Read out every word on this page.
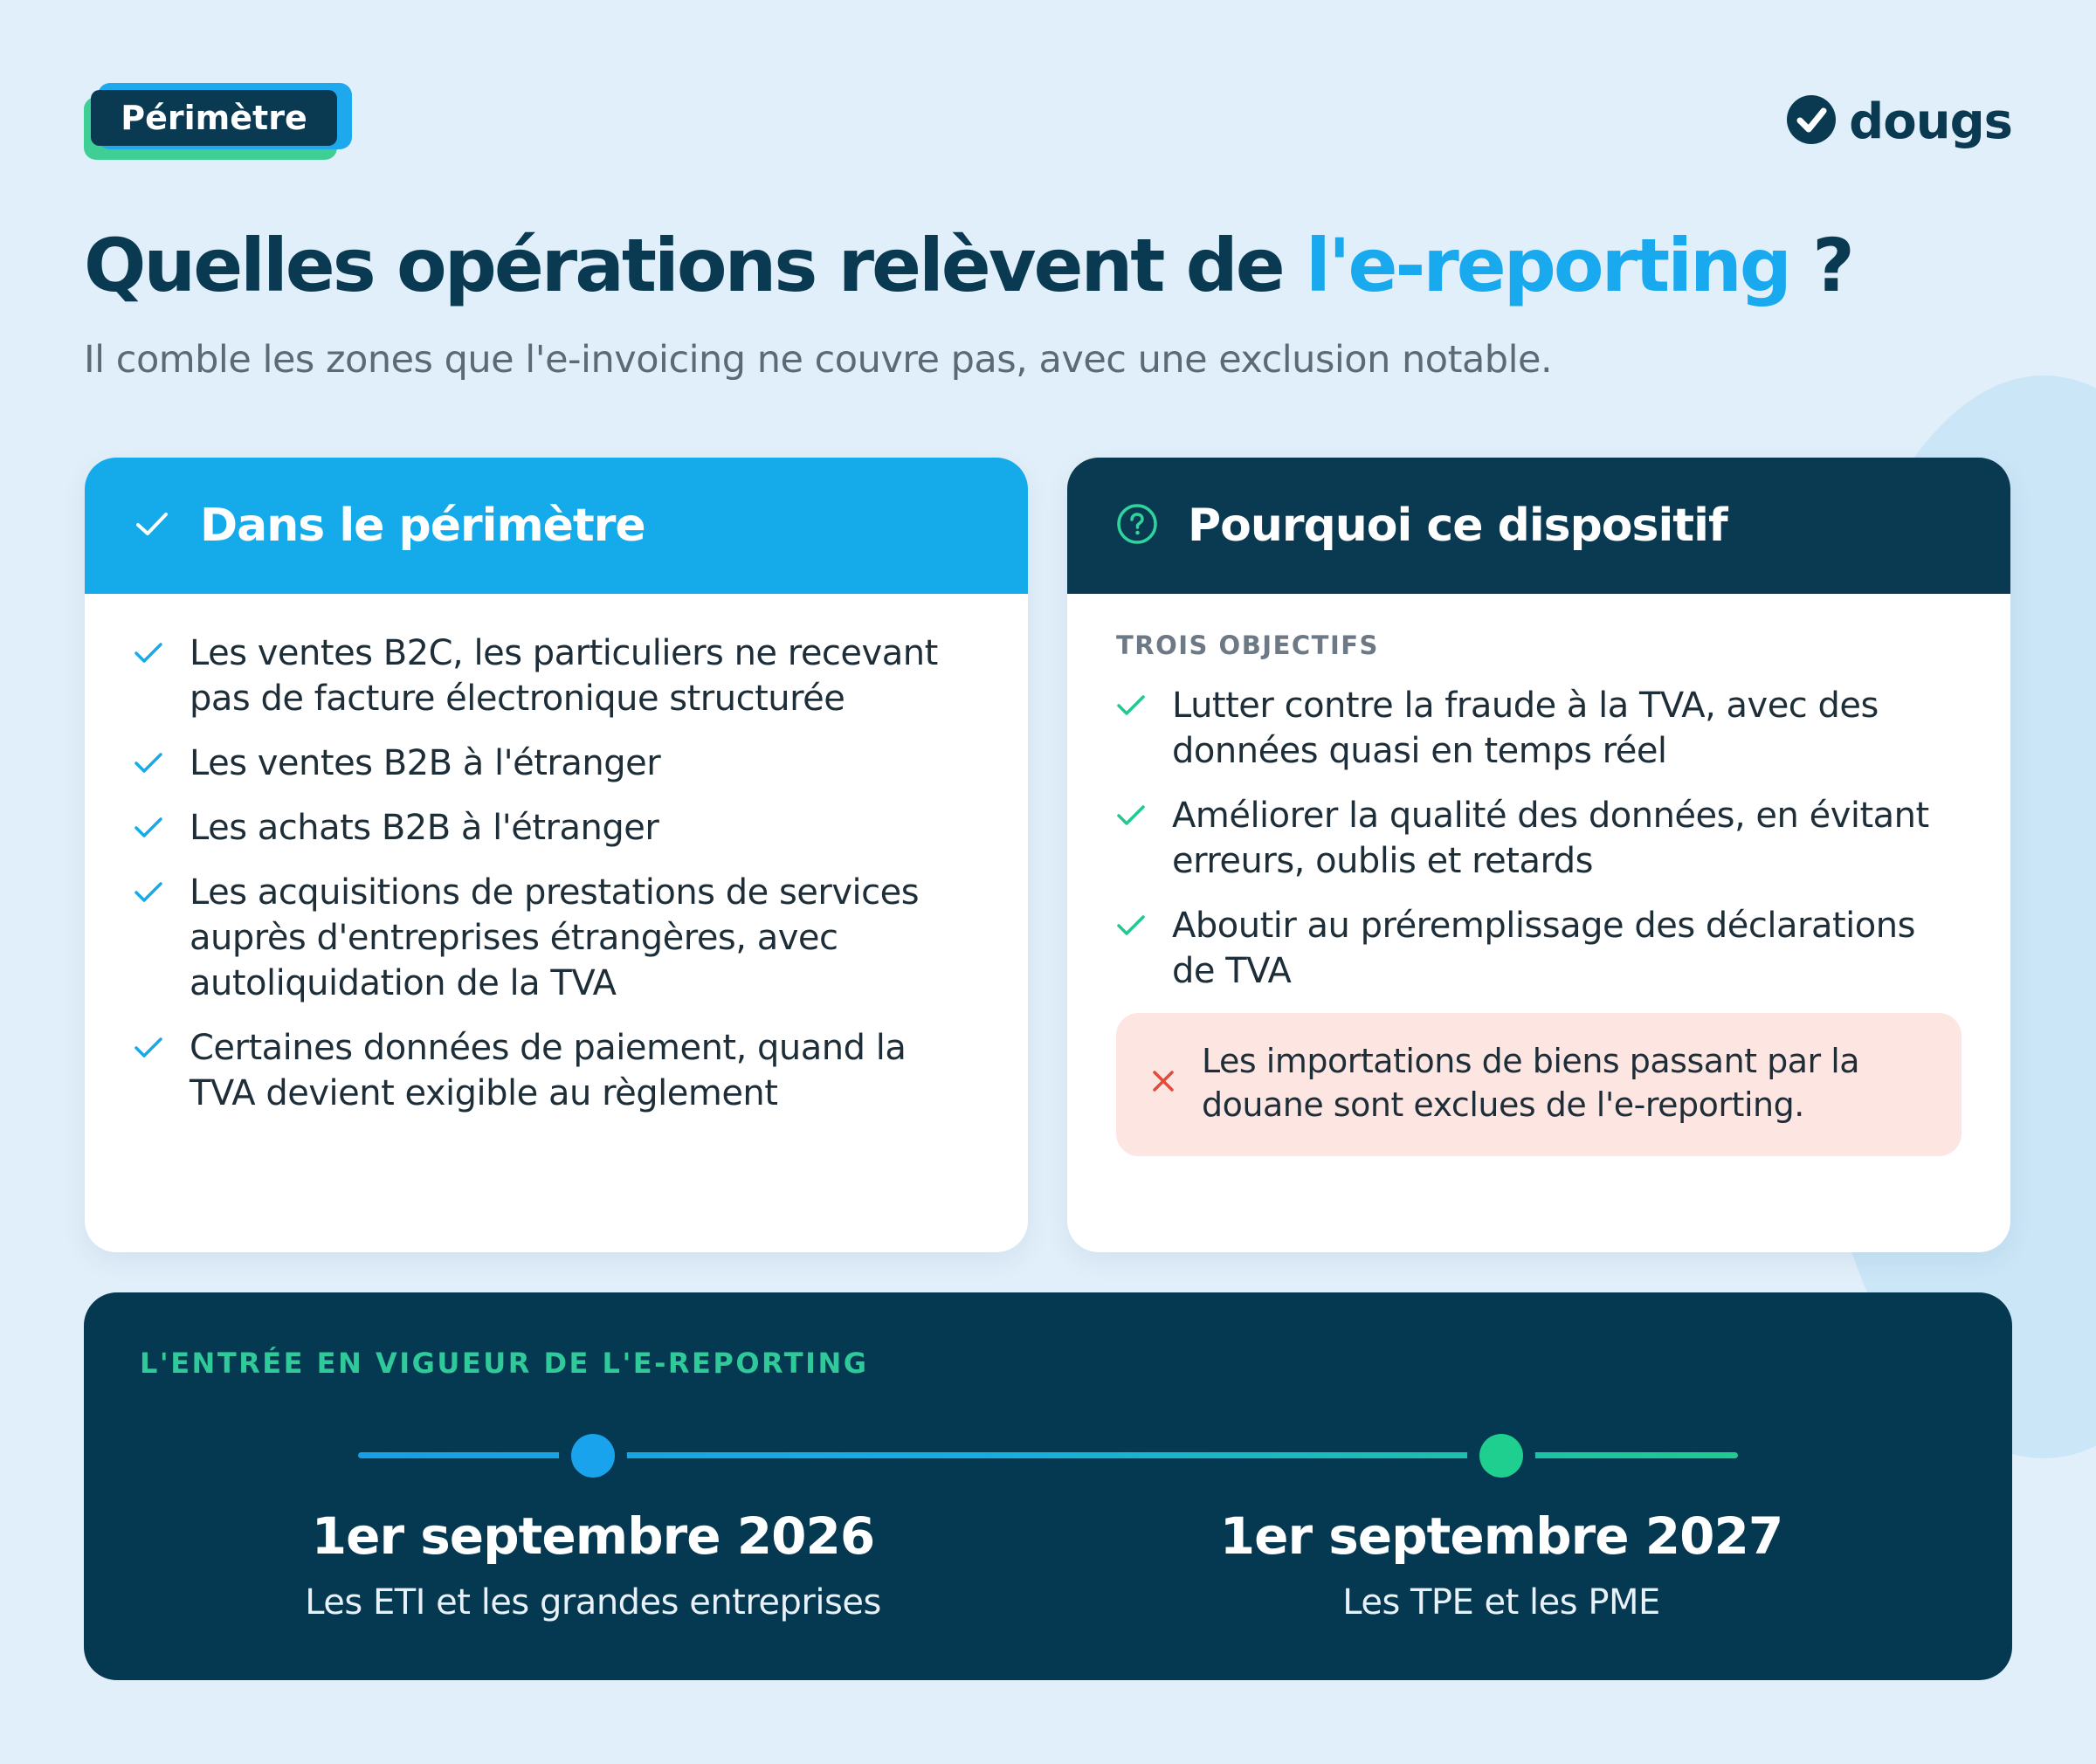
Périmètre	dougs
Quelles opérations relèvent de l'e-reporting ?
Il comble les zones que l'e-invoicing ne couvre pas, avec une exclusion notable.
Dans le périmètre
Les ventes B2C, les particuliers ne recevant pas de facture électronique structurée
Les ventes B2B à l'étranger
Les achats B2B à l'étranger
Les acquisitions de prestations de services auprès d'entreprises étrangères, avec autoliquidation de la TVA
Certaines données de paiement, quand la TVA devient exigible au règlement
Pourquoi ce dispositif
TROIS OBJECTIFS
Lutter contre la fraude à la TVA, avec des données quasi en temps réel
Améliorer la qualité des données, en évitant erreurs, oublis et retards
Aboutir au préremplissage des déclarations de TVA
Les importations de biens passant par la douane sont exclues de l'e-reporting.
L'ENTRÉE EN VIGUEUR DE L'E-REPORTING
1er septembre 2026
Les ETI et les grandes entreprises
1er septembre 2027
Les TPE et les PME
